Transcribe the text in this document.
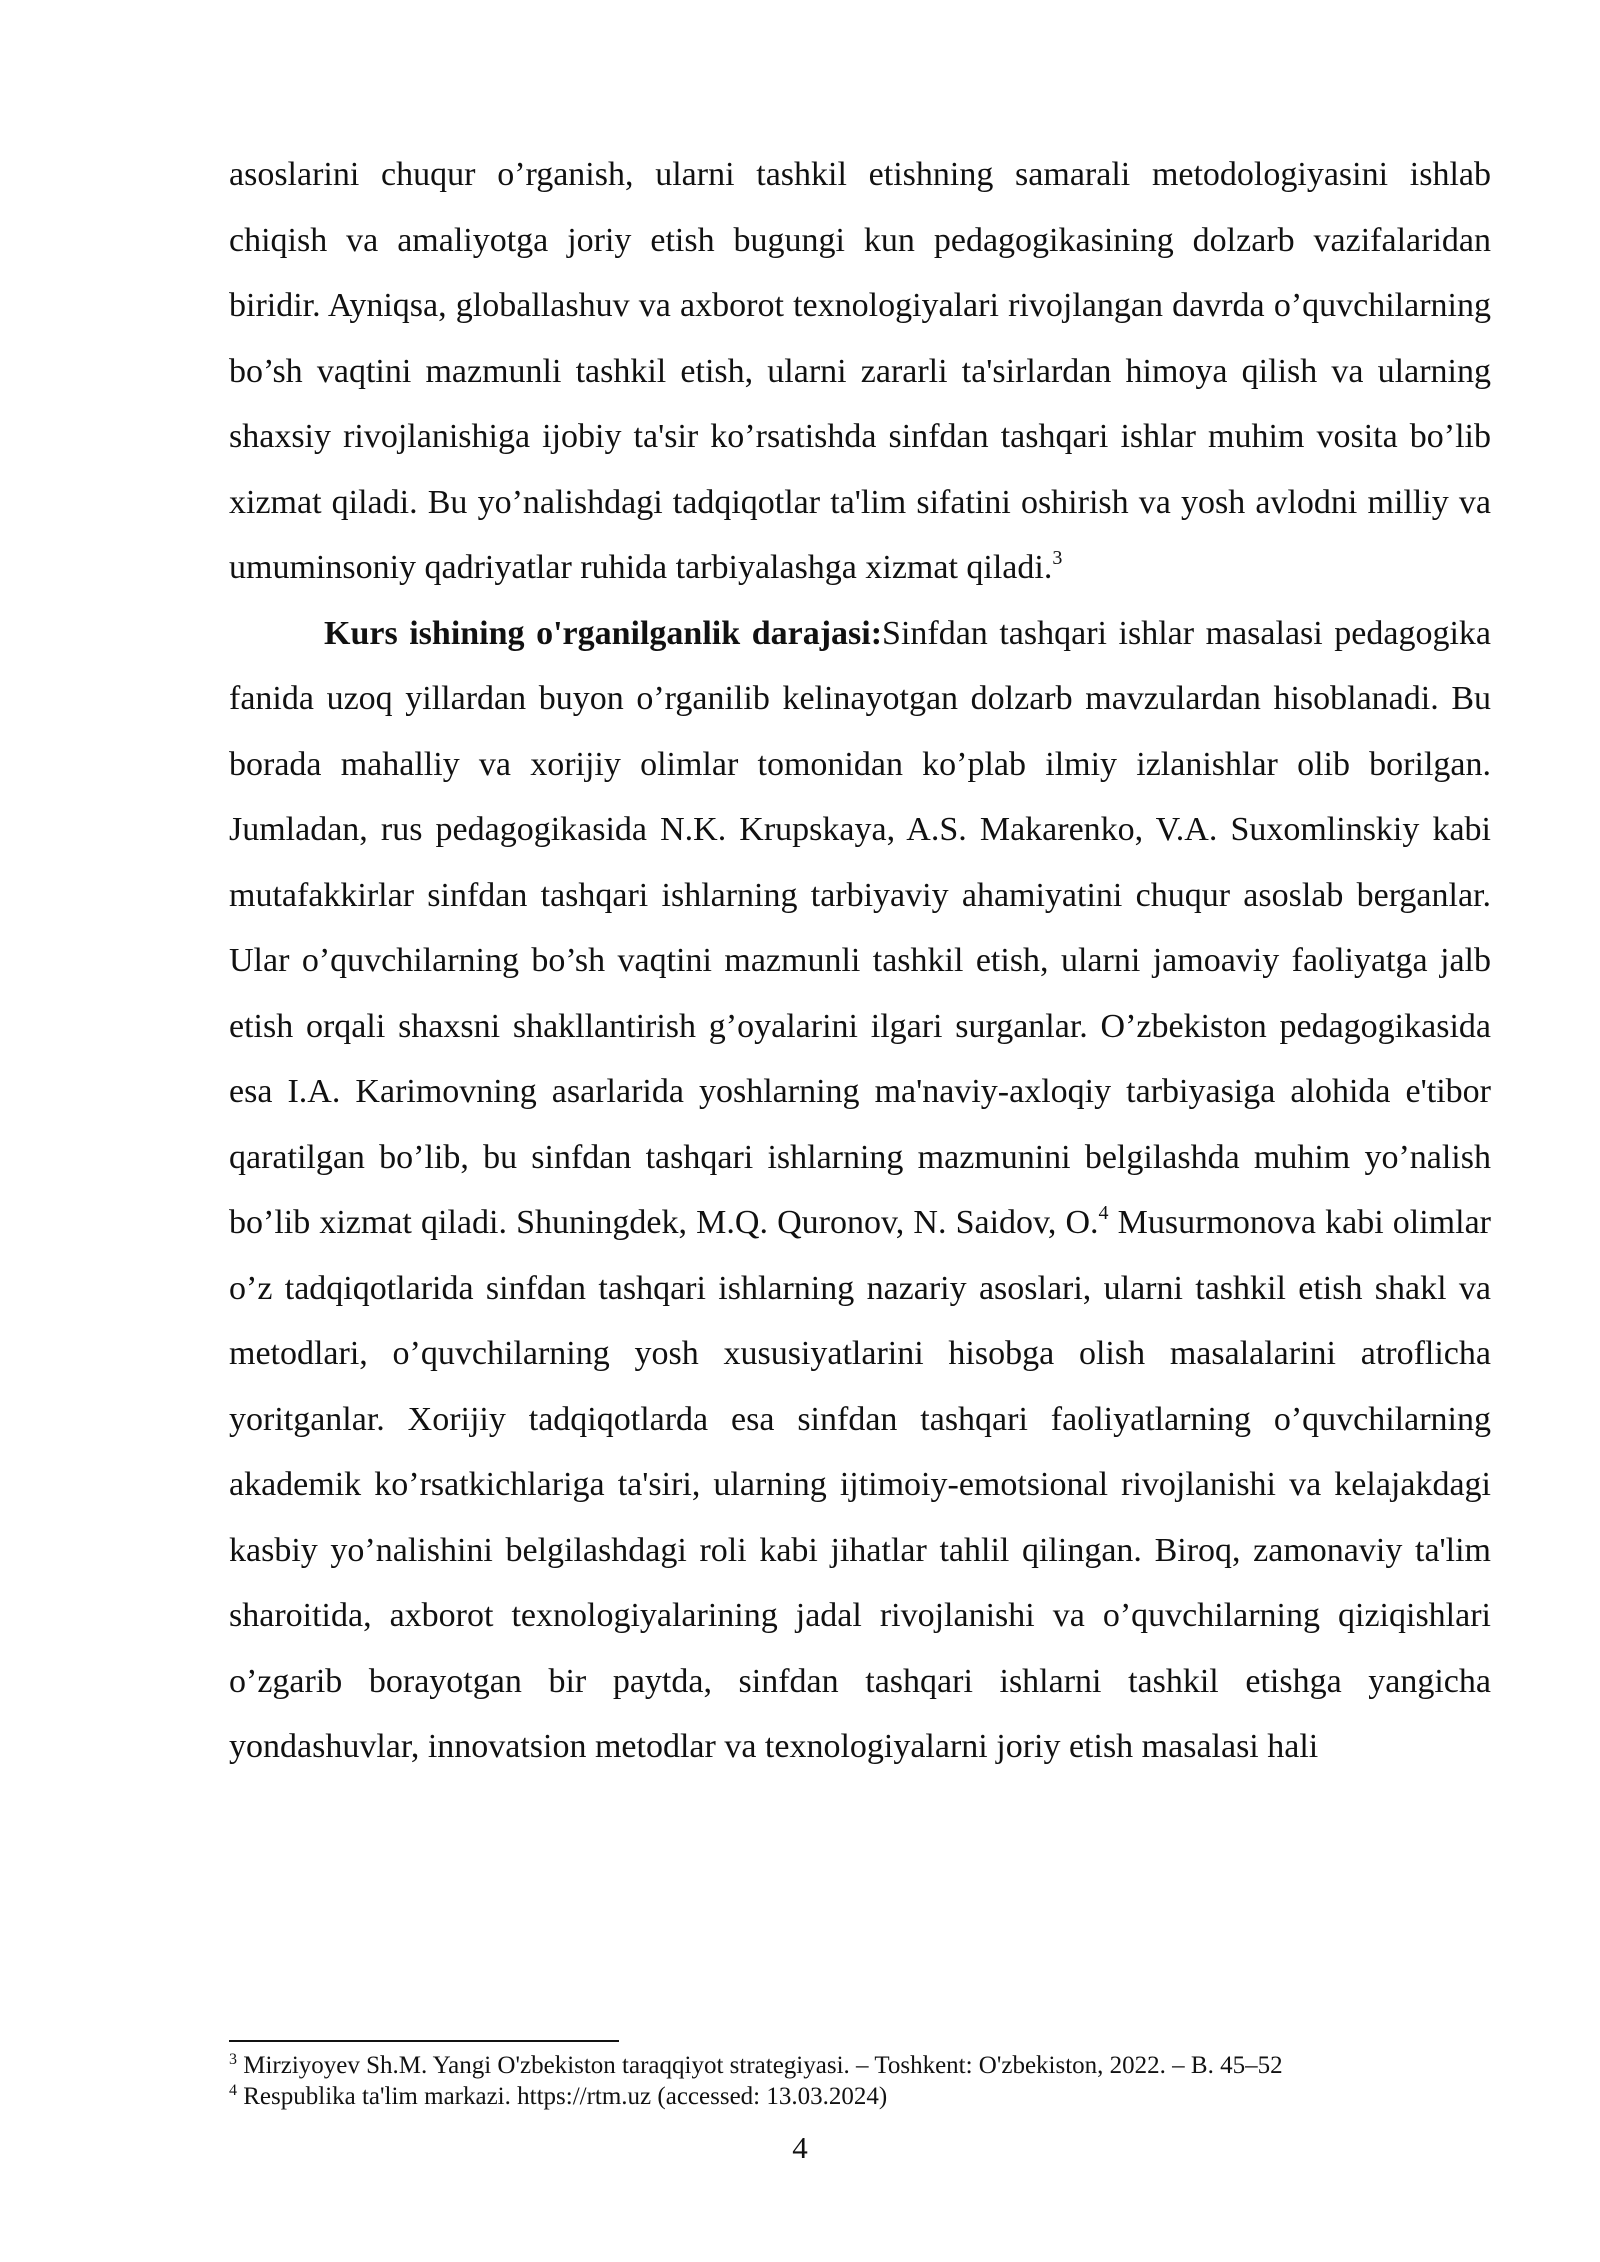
asoslarini chuqur o’rganish, ularni tashkil etishning samarali metodologiyasini ishlab chiqish va amaliyotga joriy etish bugungi kun pedagogikasining dolzarb vazifalaridan biridir. Ayniqsa, globallashuv va axborot texnologiyalari rivojlangan davrda o’quvchilarning bo’sh vaqtini mazmunli tashkil etish, ularni zararli ta'sirlardan himoya qilish va ularning shaxsiy rivojlanishiga ijobiy ta'sir ko’rsatishda sinfdan tashqari ishlar muhim vosita bo’lib xizmat qiladi. Bu yo’nalishdagi tadqiqotlar ta'lim sifatini oshirish va yosh avlodni milliy va umuminsoniy qadriyatlar ruhida tarbiyalashga xizmat qiladi.$^3$

Kurs ishining o'rganilganlik darajasi:Sinfdan tashqari ishlar masalasi pedagogika fanida uzoq yillardan buyon o’rganilib kelinayotgan dolzarb mavzulardan hisoblanadi. Bu borada mahalliy va xorijiy olimlar tomonidan ko’plab ilmiy izlanishlar olib borilgan. Jumladan, rus pedagogikasida N.K. Krupskaya, A.S. Makarenko, V.A. Suxomlinskiy kabi mutafakkirlar sinfdan tashqari ishlarning tarbiyaviy ahamiyatini chuqur asoslab berganlar. Ular o’quvchilarning bo’sh vaqtini mazmunli tashkil etish, ularni jamoaviy faoliyatga jalb etish orqali shaxsni shakllantirish g’oyalarini ilgari surganlar. O’zbekiston pedagogikasida esa I.A. Karimovning asarlarida yoshlarning ma'naviy-axloqiy tarbiyasiga alohida e'tibor qaratilgan bo’lib, bu sinfdan tashqari ishlarning mazmunini belgilashda muhim yo’nalish bo’lib xizmat qiladi. Shuningdek, M.Q. Quronov, N. Saidov, O.$^4$ Musurmonova kabi olimlar o’z tadqiqotlarida sinfdan tashqari ishlarning nazariy asoslari, ularni tashkil etish shakl va metodlari, o’quvchilarning yosh xususiyatlarini hisobga olish masalalarini atroflicha yoritganlar. Xorijiy tadqiqotlarda esa sinfdan tashqari faoliyatlarning o’quvchilarning akademik ko’rsatkichlariga ta'siri, ularning ijtimoiy-emotsional rivojlanishi va kelajakdagi kasbiy yo’nalishini belgilashdagi roli kabi jihatlar tahlil qilingan. Biroq, zamonaviy ta'lim sharoitida, axborot texnologiyalarining jadal rivojlanishi va o’quvchilarning qiziqishlari o’zgarib borayotgan bir paytda, sinfdan tashqari ishlarni tashkil etishga yangicha yondashuvlar, innovatsion metodlar va texnologiyalarni joriy etish masalasi hali

$^3$ Mirziyoyev Sh.M. Yangi O'zbekiston taraqqiyot strategiyasi. – Toshkent: O'zbekiston, 2022. – B. 45–52

$^4$ Respublika ta'lim markazi. https://rtm.uz (accessed: 13.03.2024)

4
